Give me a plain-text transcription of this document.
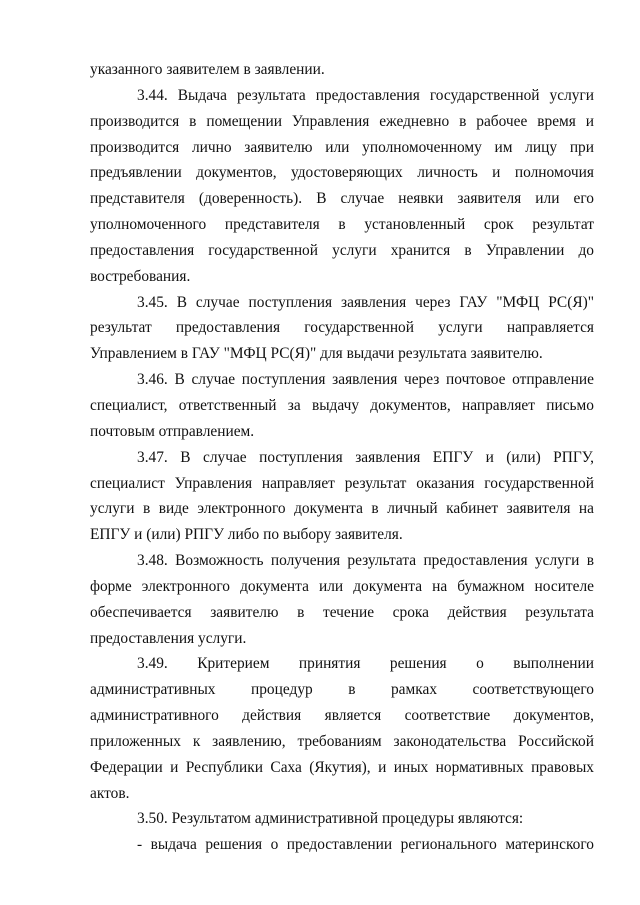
указанного заявителем в заявлении.

3.44. Выдача результата предоставления государственной услуги производится в помещении Управления ежедневно в рабочее время и производится лично заявителю или уполномоченному им лицу при предъявлении документов, удостоверяющих личность и полномочия представителя (доверенность). В случае неявки заявителя или его уполномоченного представителя в установленный срок результат предоставления государственной услуги хранится в Управлении до востребования.

3.45. В случае поступления заявления через ГАУ "МФЦ РС(Я)" результат предоставления государственной услуги направляется Управлением в ГАУ "МФЦ РС(Я)" для выдачи результата заявителю.

3.46. В случае поступления заявления через почтовое отправление специалист, ответственный за выдачу документов, направляет письмо почтовым отправлением.

3.47. В случае поступления заявления ЕПГУ и (или) РПГУ, специалист Управления направляет результат оказания государственной услуги в виде электронного документа в личный кабинет заявителя на ЕПГУ и (или) РПГУ либо по выбору заявителя.

3.48. Возможность получения результата предоставления услуги в форме электронного документа или документа на бумажном носителе обеспечивается заявителю в течение срока действия результата предоставления услуги.

3.49. Критерием принятия решения о выполнении административных процедур в рамках соответствующего административного действия является соответствие документов, приложенных к заявлению, требованиям законодательства Российской Федерации и Республики Саха (Якутия), и иных нормативных правовых актов.

3.50. Результатом административной процедуры являются:

- выдача решения о предоставлении регионального материнского
